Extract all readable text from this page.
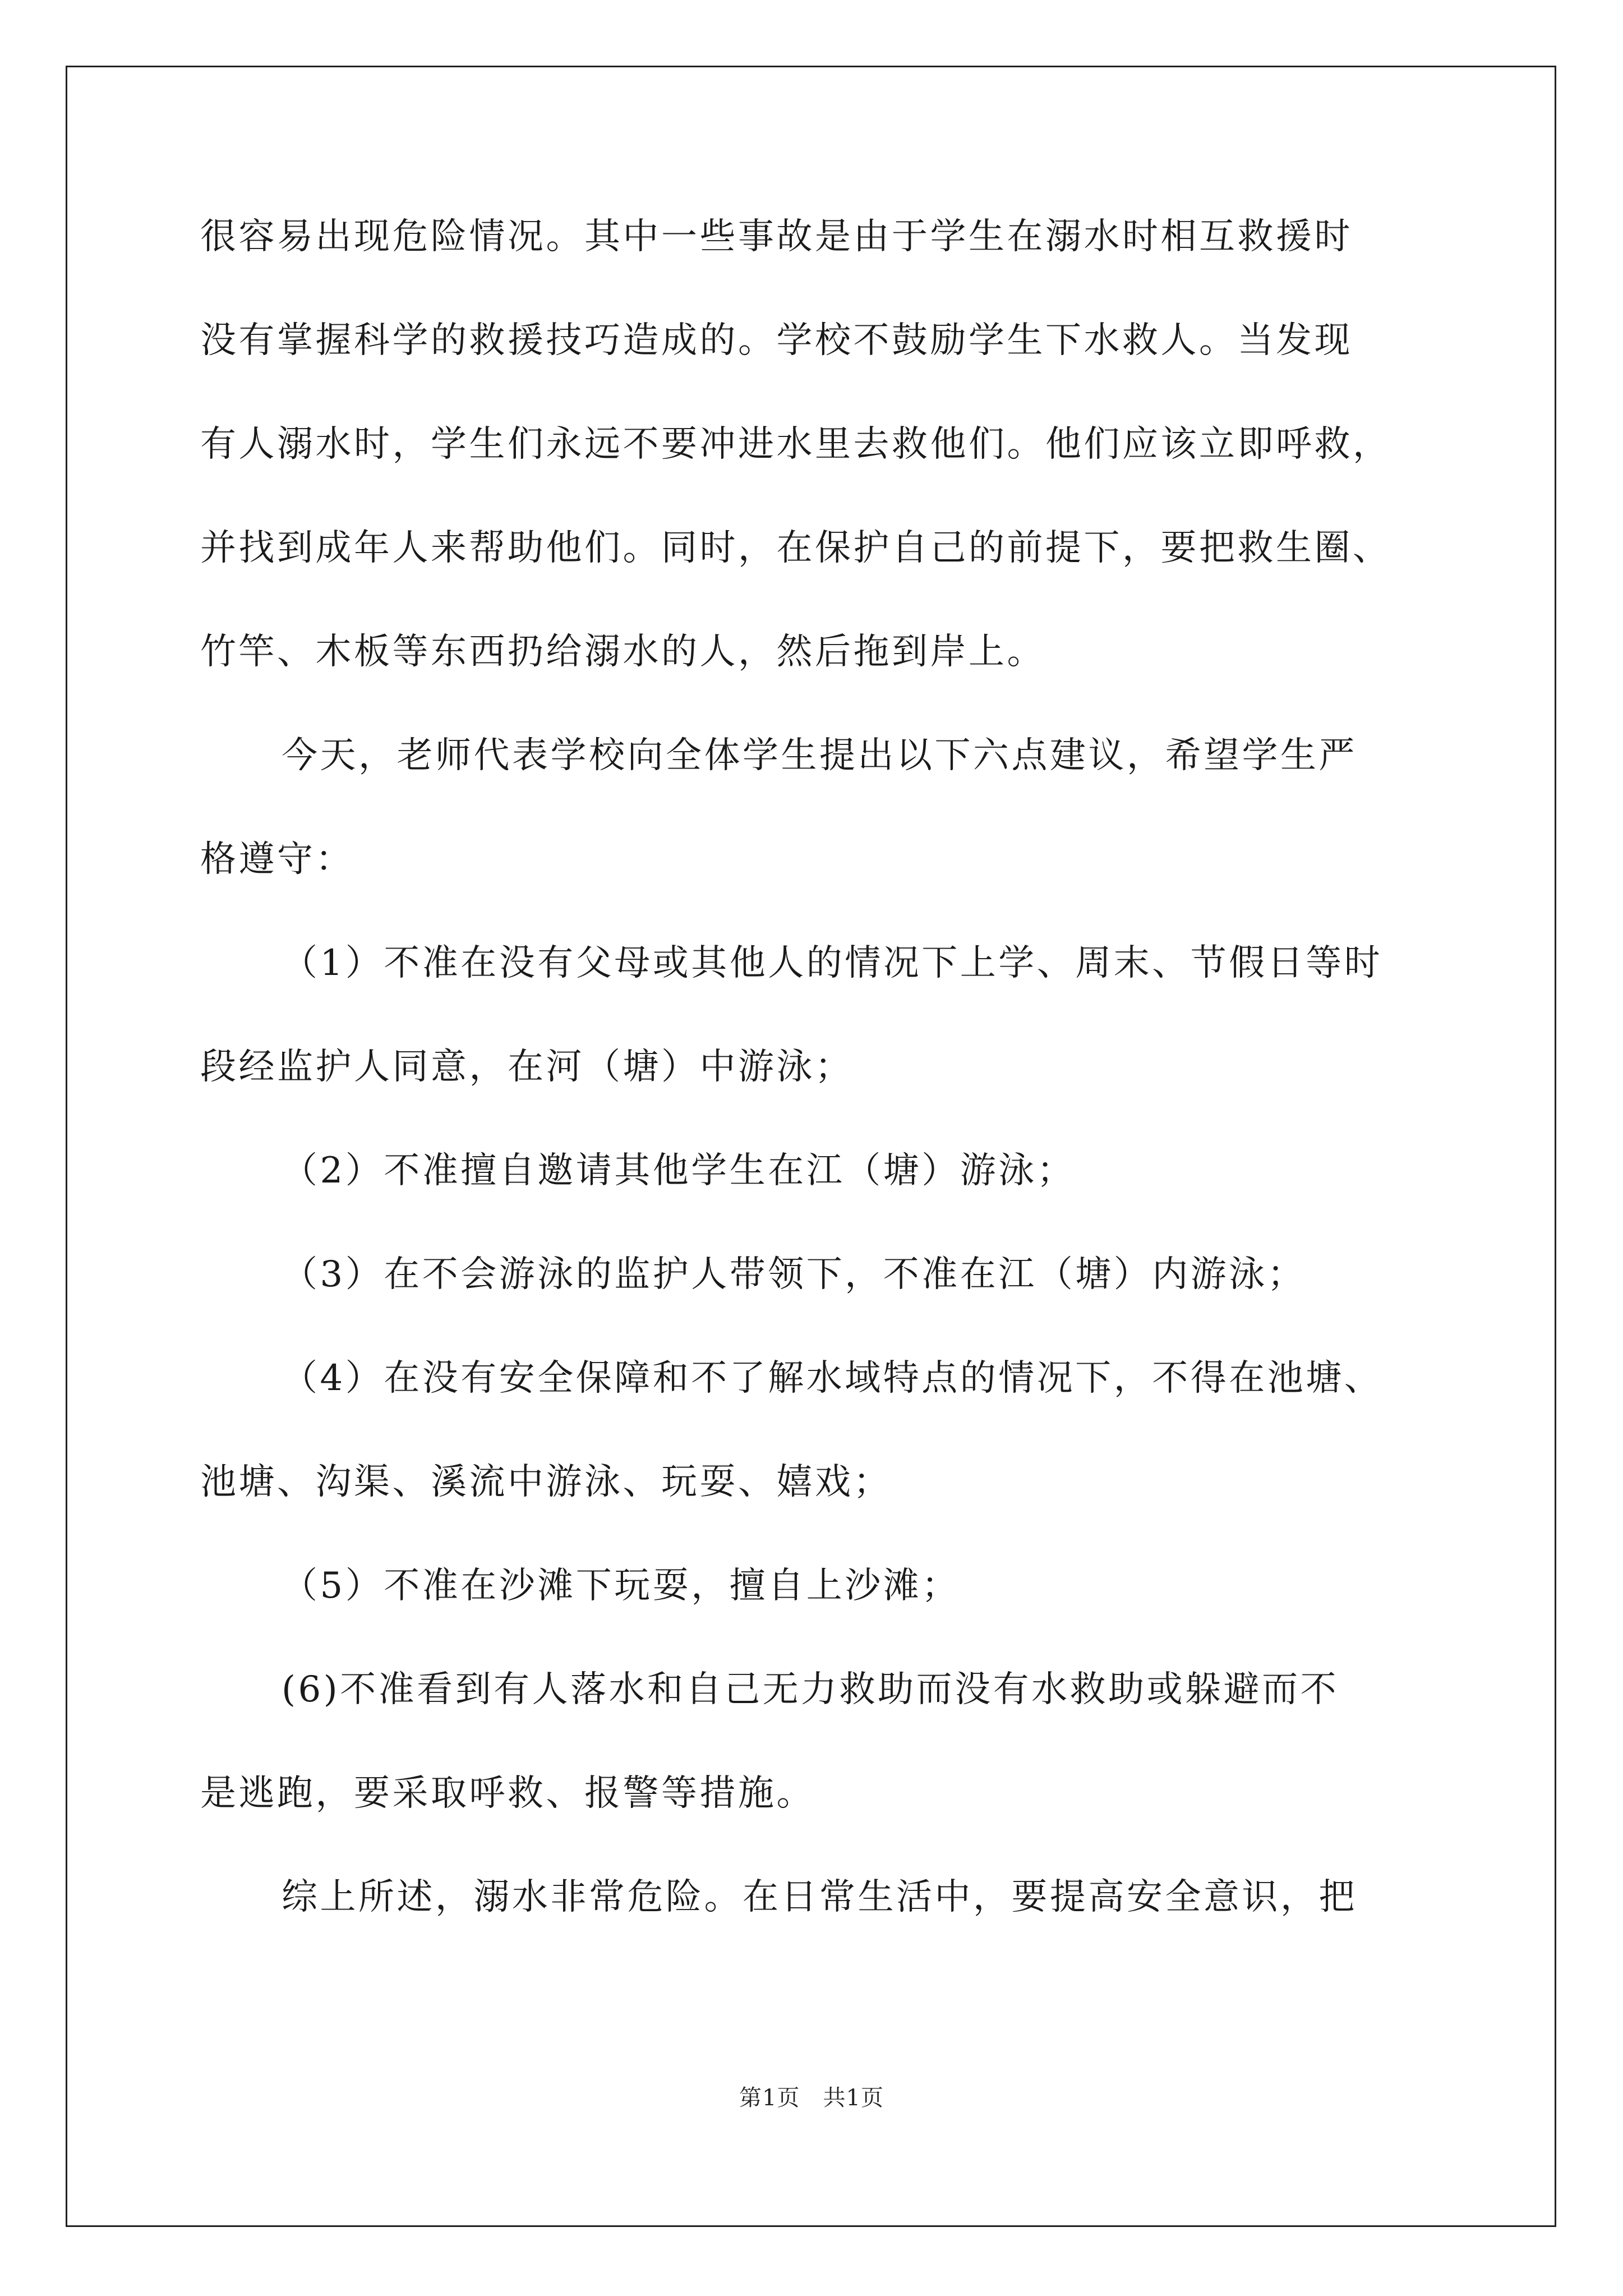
很容易出现危险情况。其中一些事故是由于学生在溺水时相互救援时
没有掌握科学的救援技巧造成的。学校不鼓励学生下水救人。当发现
有人溺水时，学生们永远不要冲进水里去救他们。他们应该立即呼救，
并找到成年人来帮助他们。同时，在保护自己的前提下，要把救生圈、
竹竿、木板等东西扔给溺水的人，然后拖到岸上。
今天，老师代表学校向全体学生提出以下六点建议，希望学生严
格遵守：
（1）不准在没有父母或其他人的情况下上学、周末、节假日等时
段经监护人同意，在河（塘）中游泳；
（2）不准擅自邀请其他学生在江（塘）游泳；
（3）在不会游泳的监护人带领下，不准在江（塘）内游泳；
（4）在没有安全保障和不了解水域特点的情况下，不得在池塘、
池塘、沟渠、溪流中游泳、玩耍、嬉戏；
（5）不准在沙滩下玩耍，擅自上沙滩；
(6)不准看到有人落水和自己无力救助而没有水救助或躲避而不
是逃跑，要采取呼救、报警等措施。
综上所述，溺水非常危险。在日常生活中，要提高安全意识，把
第1页　共1页
